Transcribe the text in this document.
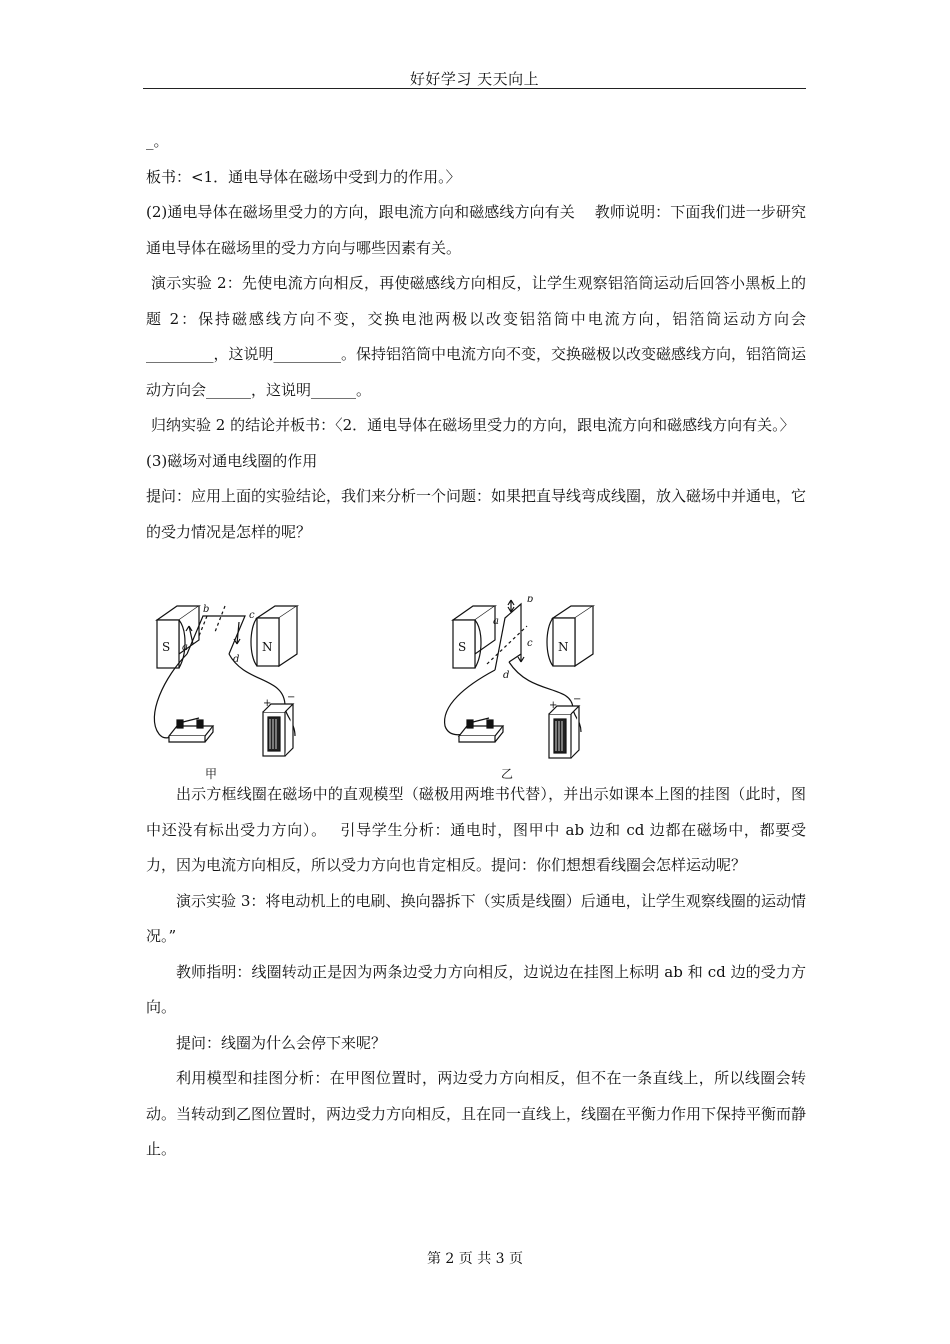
好好学习 天天向上

_。

板书：<1．通电导体在磁场中受到力的作用。〉

(2)通电导体在磁场里受力的方向，跟电流方向和磁感线方向有关　 教师说明：下面我们进一步研究通电导体在磁场里的受力方向与哪些因素有关。

演示实验 2：先使电流方向相反，再使磁感线方向相反，让学生观察铝箔筒运动后回答小黑板上的题 2：保持磁感线方向不变，交换电池两极以改变铝箔筒中电流方向，铝箔筒运动方向会_________，这说明_________。保持铝箔筒中电流方向不变，交换磁极以改变磁感线方向，铝箔筒运动方向会______，这说明______。

归纳实验 2 的结论并板书：〈2．通电导体在磁场里受力的方向，跟电流方向和磁感线方向有关。〉

(3)磁场对通电线圈的作用

提问：应用上面的实验结论，我们来分析一个问题：如果把直导线弯成线圈，放入磁场中并通电，它的受力情况是怎样的呢？

出示方框线圈在磁场中的直观模型（磁极用两堆书代替），并出示如课本上图的挂图（此时，图中还没有标出受力方向）。　 引导学生分析：通电时，图甲中 ab 边和 cd 边都在磁场中，都要受力，因为电流方向相反，所以受力方向也肯定相反。提问：你们想想看线圈会怎样运动呢？

演示实验 3：将电动机上的电刷、换向器拆下（实质是线圈）后通电，让学生观察线圈的运动情况。”

教师指明：线圈转动正是因为两条边受力方向相反，边说边在挂图上标明 ab 和 cd 边的受力方向。

提问：线圈为什么会停下来呢？

利用模型和挂图分析：在甲图位置时，两边受力方向相反，但不在一条直线上，所以线圈会转动。当转动到乙图位置时，两边受力方向相反，且在同一直线上，线圈在平衡力作用下保持平衡而静止。

S	N
b
a
c
d
+
−
甲
S	N
b
a
c
d
+
−
乙
第 2 页 共 3 页
